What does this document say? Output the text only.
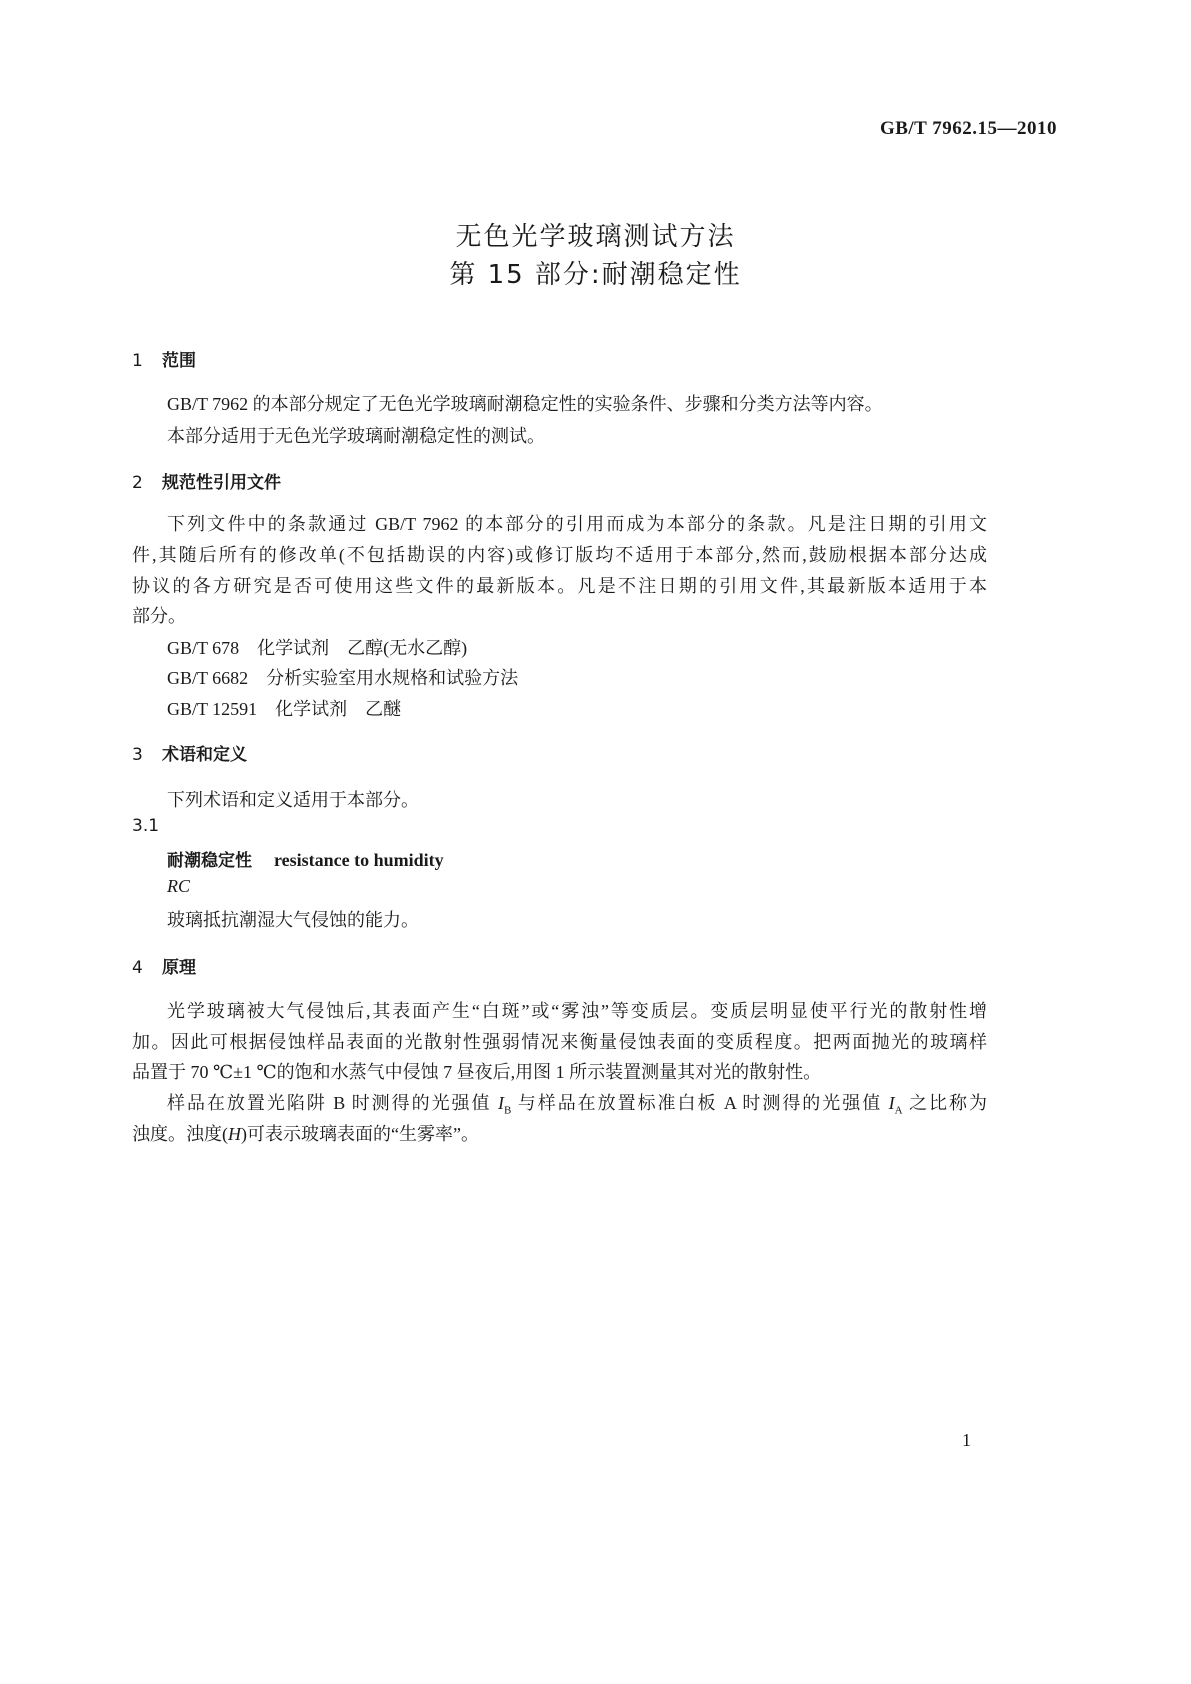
GB/T 7962.15—2010
无色光学玻璃测试方法
第 15 部分:耐潮稳定性
1 范围
GB/T 7962 的本部分规定了无色光学玻璃耐潮稳定性的实验条件、步骤和分类方法等内容。
本部分适用于无色光学玻璃耐潮稳定性的测试。
2 规范性引用文件
下列文件中的条款通过 GB/T 7962 的本部分的引用而成为本部分的条款。凡是注日期的引用文
件,其随后所有的修改单(不包括勘误的内容)或修订版均不适用于本部分,然而,鼓励根据本部分达成
协议的各方研究是否可使用这些文件的最新版本。凡是不注日期的引用文件,其最新版本适用于本
部分。
GB/T 678　化学试剂　乙醇(无水乙醇)
GB/T 6682　分析实验室用水规格和试验方法
GB/T 12591　化学试剂　乙醚
3 术语和定义
下列术语和定义适用于本部分。
3.1
耐潮稳定性 resistance to humidity
RC
玻璃抵抗潮湿大气侵蚀的能力。
4 原理
光学玻璃被大气侵蚀后,其表面产生“白斑”或“雾浊”等变质层。变质层明显使平行光的散射性增
加。因此可根据侵蚀样品表面的光散射性强弱情况来衡量侵蚀表面的变质程度。把两面抛光的玻璃样
品置于 70 ℃±1 ℃的饱和水蒸气中侵蚀 7 昼夜后,用图 1 所示装置测量其对光的散射性。
样品在放置光陷阱 B 时测得的光强值 $I_B$ 与样品在放置标准白板 A 时测得的光强值 $I_A$ 之比称为
浊度。浊度(H)可表示玻璃表面的“生雾率”。
1
